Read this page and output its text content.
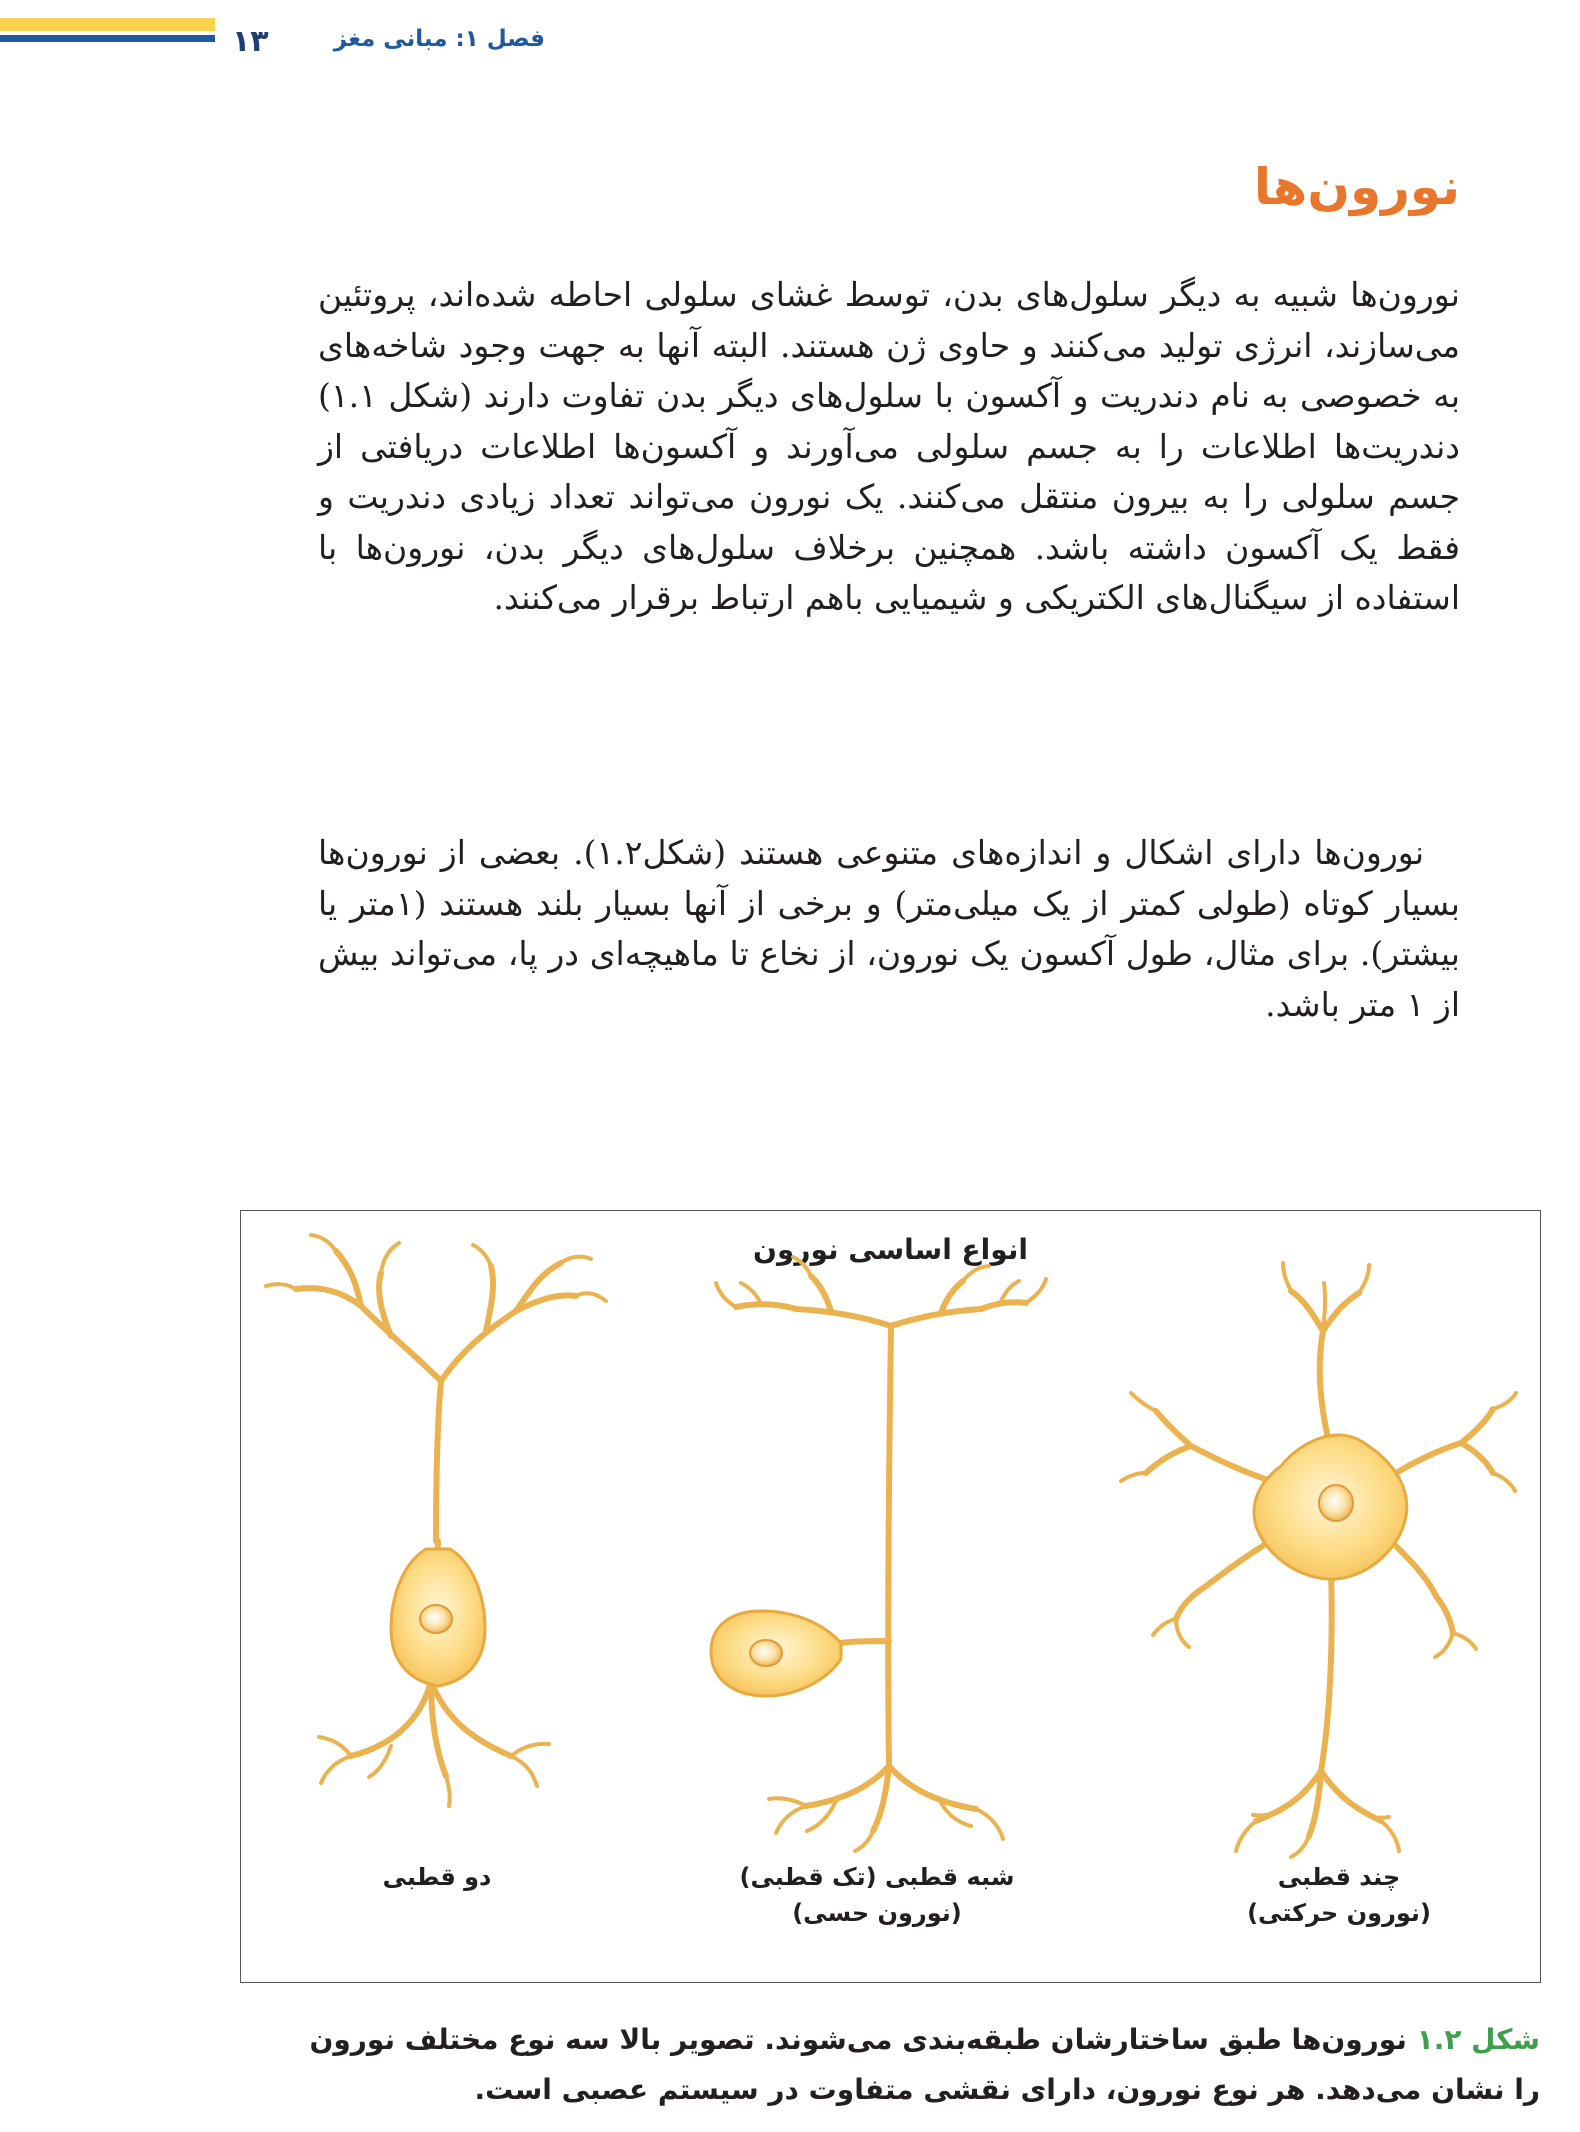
۱۳	فصل ۱: مبانی مغز
نورون‌ها

نورون‌ها شبیه به دیگر سلول‌های بدن، توسط غشای سلولی احاطه شده‌اند، پروتئین می‌سازند، انرژی تولید می‌کنند و حاوی ژن هستند. البته آنها به جهت وجود شاخه‌های به خصوصی به نام دندریت و آکسون با سلول‌های دیگر بدن تفاوت دارند (شکل ۱.۱) دندریت‌ها اطلاعات را به جسم سلولی می‌آورند و آکسون‌ها اطلاعات دریافتی از جسم سلولی را به بیرون منتقل می‌کنند. یک نورون می‌تواند تعداد زیادی دندریت و فقط یک آکسون داشته باشد. همچنین برخلاف سلول‌های دیگر بدن، نورون‌ها با استفاده از سیگنال‌های الکتریکی و شیمیایی باهم ارتباط برقرار می‌کنند.

نورون‌ها دارای اشکال و اندازه‌های متنوعی هستند (شکل۱.۲). بعضی از نورون‌ها بسیار کوتاه (طولی کمتر از یک میلی‌متر) و برخی از آنها بسیار بلند هستند (۱متر یا بیشتر). برای مثال، طول آکسون یک نورون، از نخاع تا ماهیچه‌ای در پا، می‌تواند بیش از ۱ متر باشد.

انواع اساسی نورون
دو قطبی	شبه قطبی (تک قطبی)
(نورون حسی)
چند قطبی
(نورون حرکتی)
شکل ۱.۲ نورون‌ها طبق ساختارشان طبقه‌بندی می‌شوند. تصویر بالا سه نوع مختلف نورون را نشان می‌دهد. هر نوع نورون، دارای نقشی متفاوت در سیستم عصبی است.
